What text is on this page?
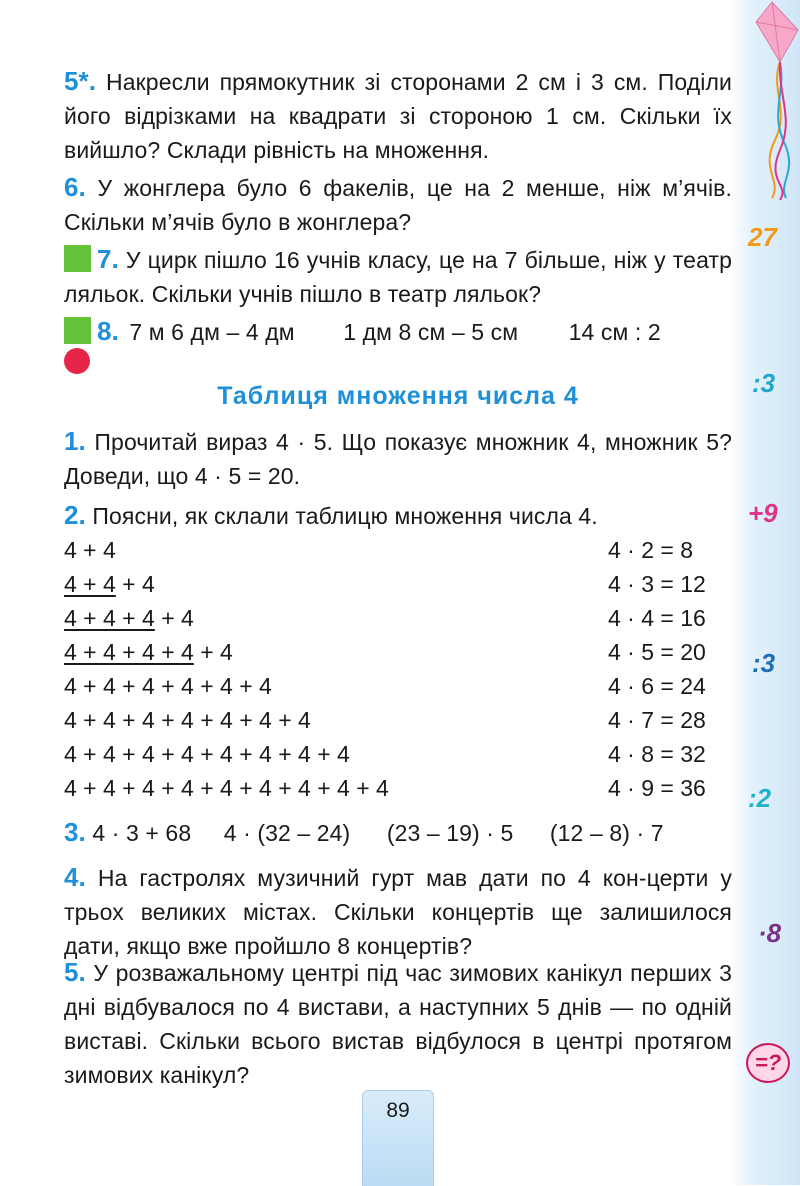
27
:3
+9
:3
:2
·8
=?
5*. Накресли прямокутник зі сторонами 2 см і 3 см. Поділи його відрізками на квадрати зі стороною 1 см. Скільки їх вийшло? Склади рівність на множення.
6. У жонглера було 6 факелів, це на 2 менше, ніж м’ячів. Скільки м’ячів було в жонглера?
7. У цирк пішло 16 учнів класу, це на 7 більше, ніж у театр ляльок. Скільки учнів пішло в театр ляльок?
8. 7 м 6 дм – 4 дм 1 дм 8 см – 5 см 14 см : 2
Таблиця множення числа 4
1. Прочитай вираз 4 · 5. Що показує множник 4, множник 5? Доведи, що 4 · 5 = 20.
2. Поясни, як склали таблицю множення числа 4.
4 + 4	4 · 2 = 8
4 + 4 + 4	4 · 3 = 12
4 + 4 + 4 + 4	4 · 4 = 16
4 + 4 + 4 + 4 + 4	4 · 5 = 20
4 + 4 + 4 + 4 + 4 + 4	4 · 6 = 24
4 + 4 + 4 + 4 + 4 + 4 + 4	4 · 7 = 28
4 + 4 + 4 + 4 + 4 + 4 + 4 + 4	4 · 8 = 32
4 + 4 + 4 + 4 + 4 + 4 + 4 + 4 + 4	4 · 9 = 36
3. 4 · 3 + 68 4 · (32 – 24) (23 – 19) · 5 (12 – 8) · 7
4. На гастролях музичний гурт мав дати по 4 кон-церти у трьох великих містах. Скільки концертів ще залишилося дати, якщо вже пройшло 8 концертів?
5. У розважальному центрі під час зимових канікул перших 3 дні відбувалося по 4 вистави, а наступних 5 днів — по одній виставі. Скільки всього вистав відбулося в центрі протягом зимових канікул?
89
